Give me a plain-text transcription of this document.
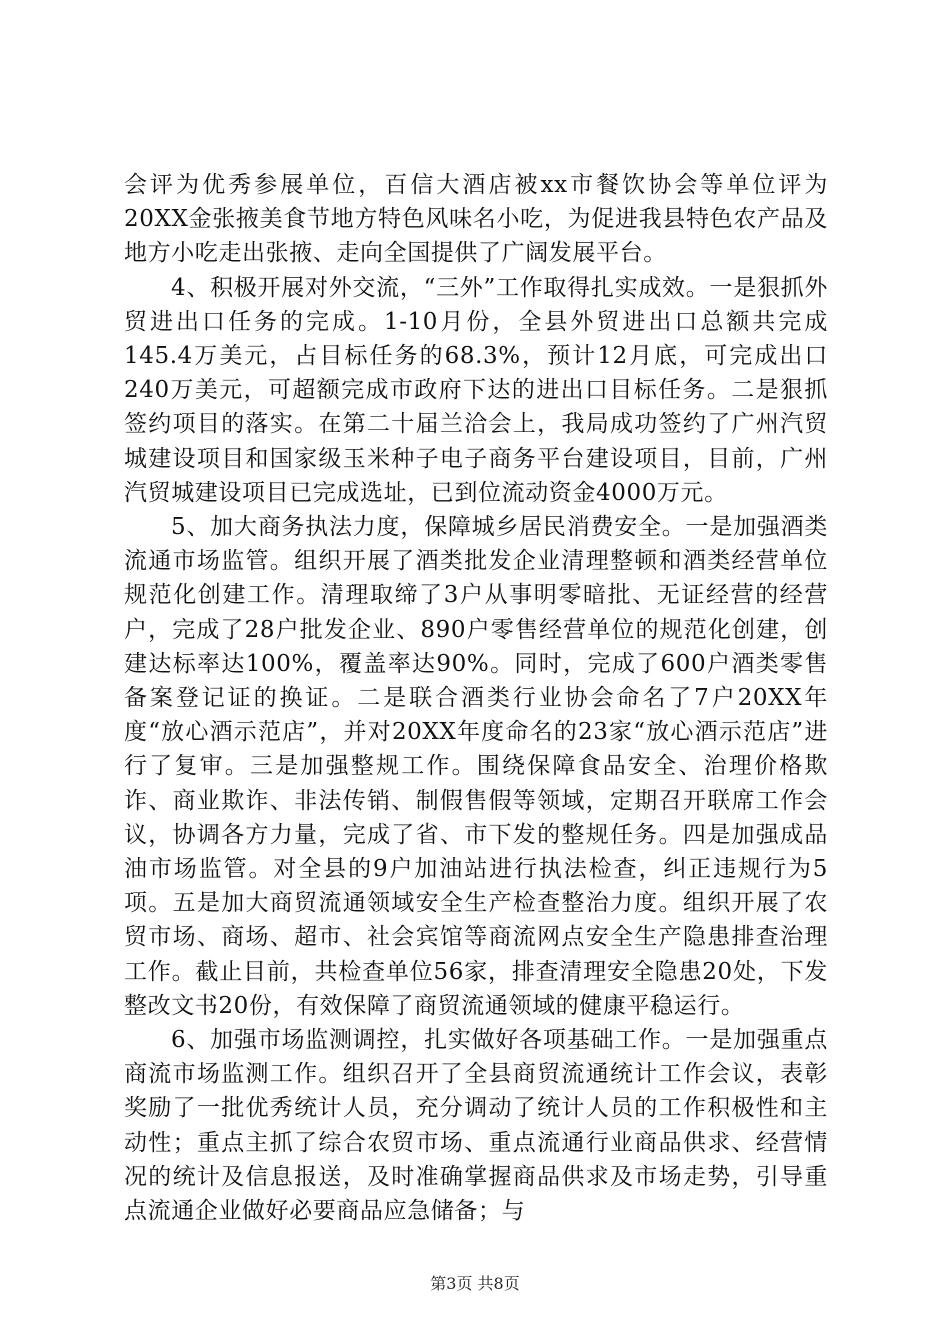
会评为优秀参展单位，百信大酒店被xx市餐饮协会等单位评为20XX金张掖美食节地方特色风味名小吃，为促进我县特色农产品及地方小吃走出张掖、走向全国提供了广阔发展平台。

4、积极开展对外交流，“三外”工作取得扎实成效。一是狠抓外贸进出口任务的完成。1-10月份，全县外贸进出口总额共完成145.4万美元，占目标任务的68.3%，预计12月底，可完成出口240万美元，可超额完成市政府下达的进出口目标任务。二是狠抓签约项目的落实。在第二十届兰洽会上，我局成功签约了广州汽贸城建设项目和国家级玉米种子电子商务平台建设项目，目前，广州汽贸城建设项目已完成选址，已到位流动资金4000万元。

5、加大商务执法力度，保障城乡居民消费安全。一是加强酒类流通市场监管。组织开展了酒类批发企业清理整顿和酒类经营单位规范化创建工作。清理取缔了3户从事明零暗批、无证经营的经营户，完成了28户批发企业、890户零售经营单位的规范化创建，创建达标率达100%，覆盖率达90%。同时，完成了600户酒类零售备案登记证的换证。二是联合酒类行业协会命名了7户20XX年度“放心酒示范店”，并对20XX年度命名的23家“放心酒示范店”进行了复审。三是加强整规工作。围绕保障食品安全、治理价格欺诈、商业欺诈、非法传销、制假售假等领域，定期召开联席工作会议，协调各方力量，完成了省、市下发的整规任务。四是加强成品油市场监管。对全县的9户加油站进行执法检查，纠正违规行为5项。五是加大商贸流通领域安全生产检查整治力度。组织开展了农贸市场、商场、超市、社会宾馆等商流网点安全生产隐患排查治理工作。截止目前，共检查单位56家，排查清理安全隐患20处，下发整改文书20份，有效保障了商贸流通领域的健康平稳运行。

6、加强市场监测调控，扎实做好各项基础工作。一是加强重点商流市场监测工作。组织召开了全县商贸流通统计工作会议，表彰奖励了一批优秀统计人员，充分调动了统计人员的工作积极性和主动性；重点主抓了综合农贸市场、重点流通行业商品供求、经营情况的统计及信息报送，及时准确掌握商品供求及市场走势，引导重点流通企业做好必要商品应急储备；与

第3页 共8页
